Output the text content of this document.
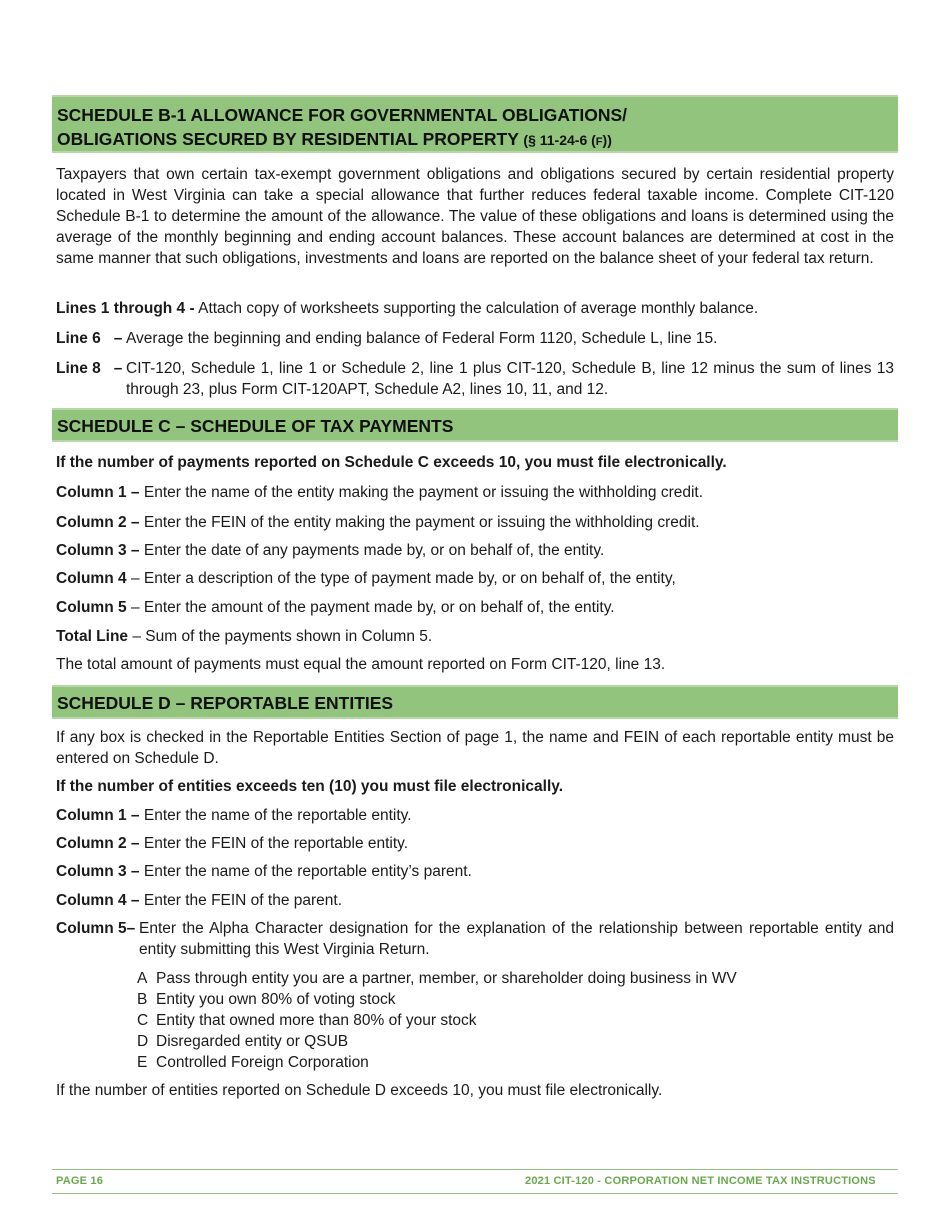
SCHEDULE B-1 ALLOWANCE FOR GOVERNMENTAL OBLIGATIONS/
OBLIGATIONS SECURED BY RESIDENTIAL PROPERTY (§ 11-24-6 (F))

Taxpayers that own certain tax-exempt government obligations and obligations secured by certain residential property located in West Virginia can take a special allowance that further reduces federal taxable income. Complete CIT-120 Schedule B-1 to determine the amount of the allowance. The value of these obligations and loans is determined using the average of the monthly beginning and ending account balances. These account balances are determined at cost in the same manner that such obligations, investments and loans are reported on the balance sheet of your federal tax return.

Lines 1 through 4 - Attach copy of worksheets supporting the calculation of average monthly balance.
Line 6   – Average the beginning and ending balance of Federal Form 1120, Schedule L, line 15.
Line 8   – CIT-120, Schedule 1, line 1 or Schedule 2, line 1 plus CIT-120, Schedule B, line 12 minus the sum of lines 13 through 23, plus Form CIT-120APT, Schedule A2, lines 10, 11, and 12.
SCHEDULE C – SCHEDULE OF TAX PAYMENTS

If the number of payments reported on Schedule C exceeds 10, you must file electronically.

Column 1 – Enter the name of the entity making the payment or issuing the withholding credit.
Column 2 – Enter the FEIN of the entity making the payment or issuing the withholding credit.
Column 3 – Enter the date of any payments made by, or on behalf of, the entity.
Column 4 – Enter a description of the type of payment made by, or on behalf of, the entity,
Column 5 – Enter the amount of the payment made by, or on behalf of, the entity.
Total Line – Sum of the payments shown in Column 5.

The total amount of payments must equal the amount reported on Form CIT-120, line 13.

SCHEDULE D – REPORTABLE ENTITIES

If any box is checked in the Reportable Entities Section of page 1, the name and FEIN of each reportable entity must be entered on Schedule D.

If the number of entities exceeds ten (10) you must file electronically.

Column 1 – Enter the name of the reportable entity.
Column 2 – Enter the FEIN of the reportable entity.
Column 3 – Enter the name of the reportable entity’s parent.
Column 4 – Enter the FEIN of the parent.
Column 5– Enter the Alpha Character designation for the explanation of the relationship between reportable entity and entity submitting this West Virginia Return.
A Pass through entity you are a partner, member, or shareholder doing business in WV
B Entity you own 80% of voting stock
C Entity that owned more than 80% of your stock
D Disregarded entity or QSUB
E Controlled Foreign Corporation

If the number of entities reported on Schedule D exceeds 10, you must file electronically.

PAGE 16	2021 CIT-120 - CORPORATION NET INCOME TAX INSTRUCTIONS
